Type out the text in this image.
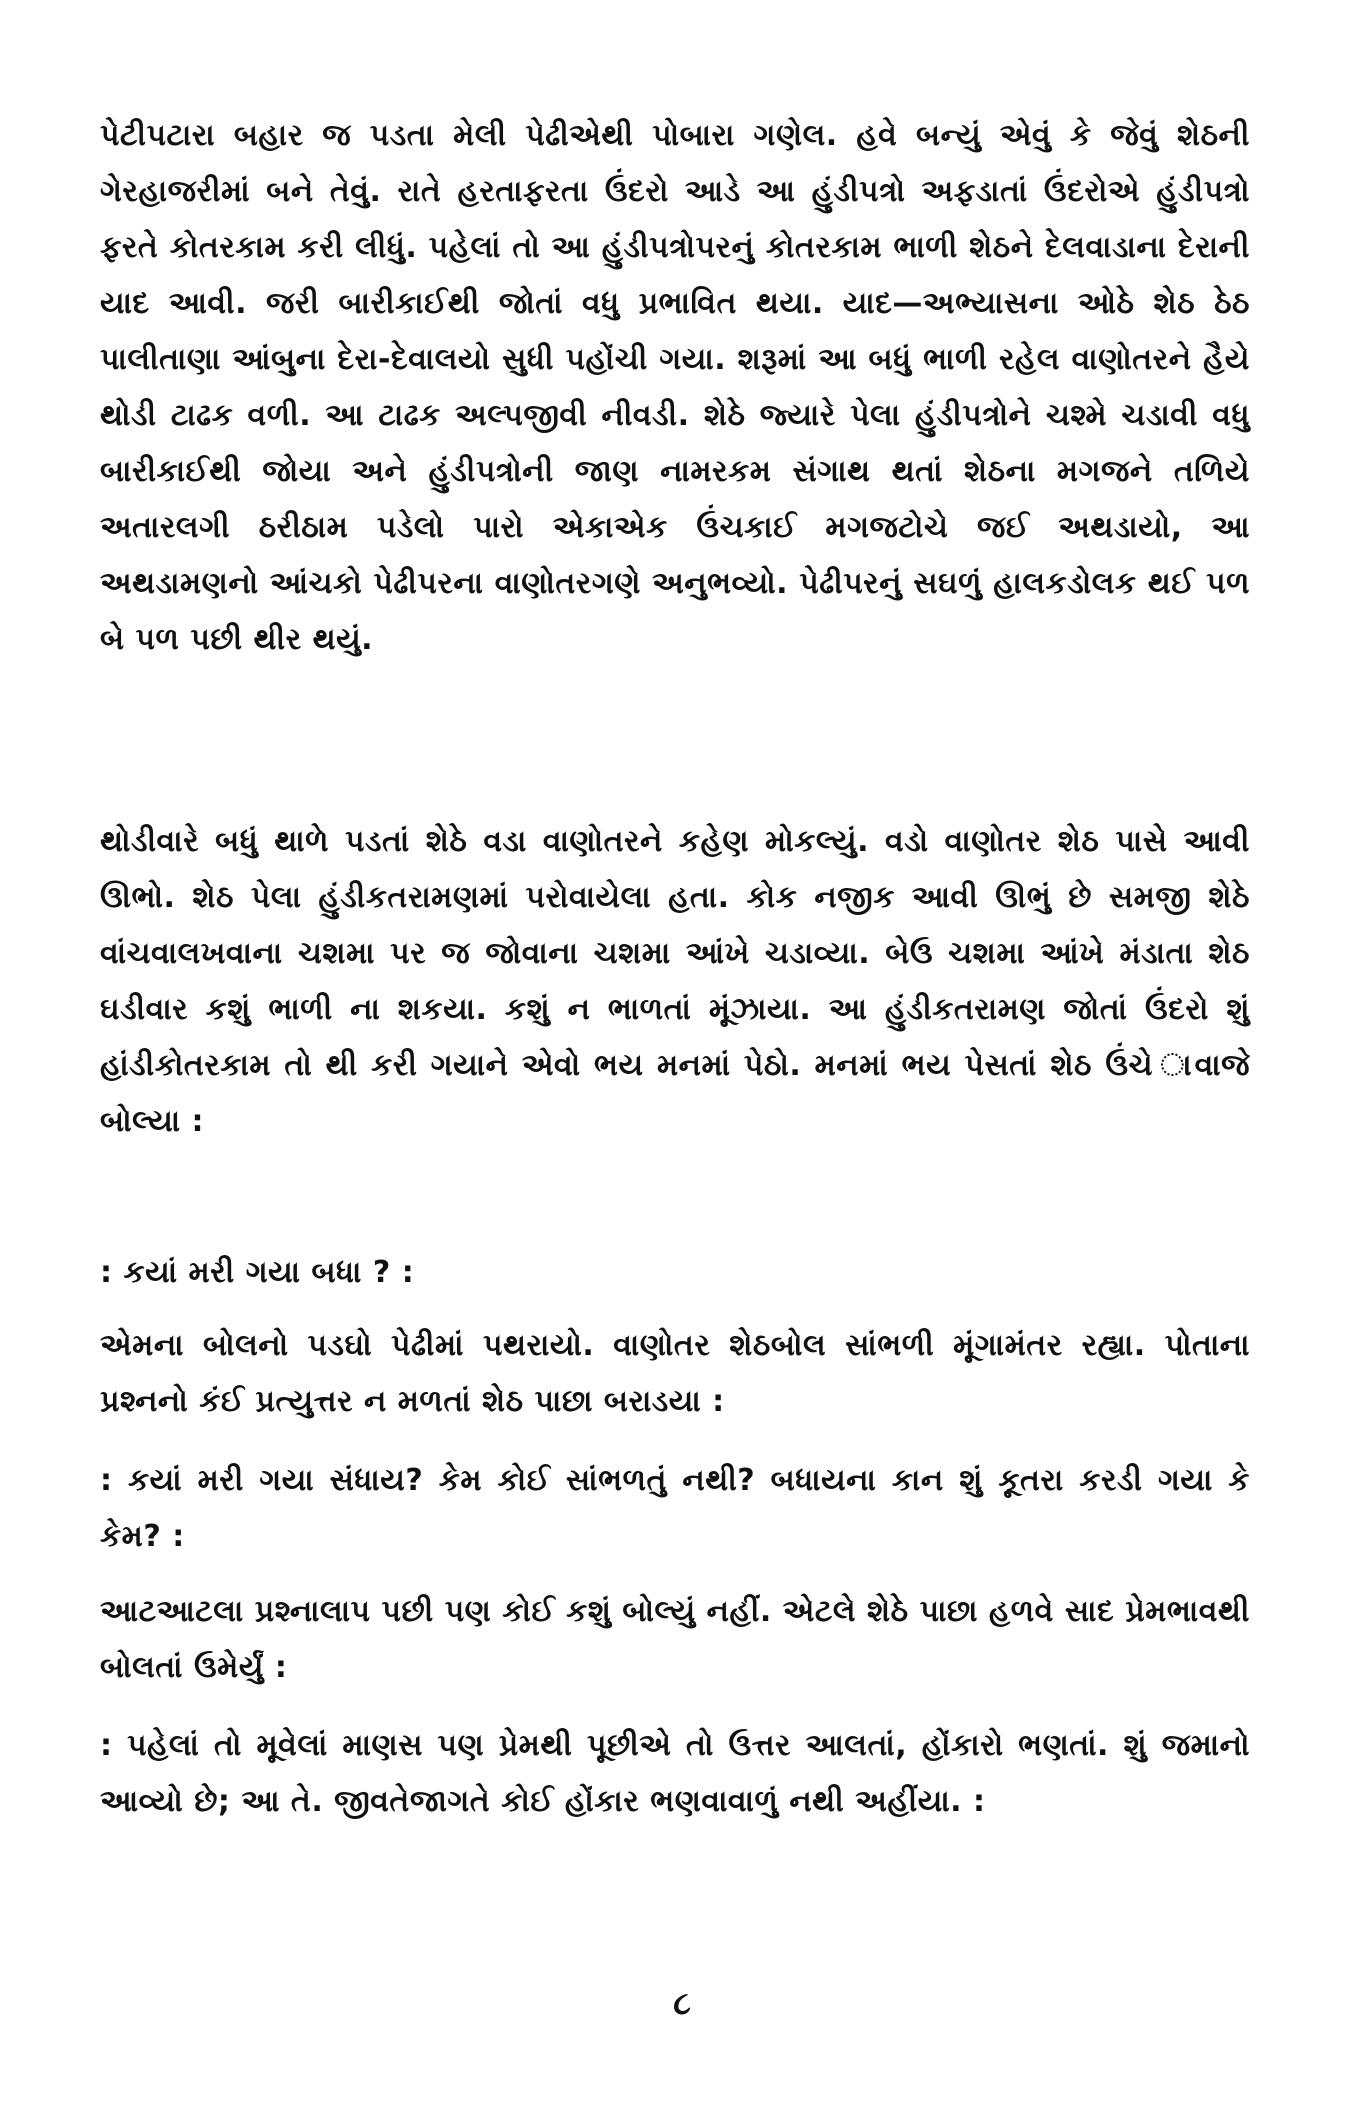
પેટીપટારા બહાર જ પડતા મેલી પેઢીએથી પોબારા ગણેલ. હવે બન્યું એવું કે જેવું શેઠની ગેરહાજરીમાં બને તેવું. રાતે હરતાફરતા ઉંદરો આડે આ હુંડીપત્રો અફડાતાં ઉંદરોએ હુંડીપત્રો ફરતે કોતરકામ કરી લીધું. પહેલાં તો આ હુંડીપત્રોપરનું કોતરકામ ભાળી શેઠને દેલવાડાના દેરાની યાદ આવી. જરી બારીકાઈથી જોતાં વધુ પ્રભાવિત થયા. યાદ—અભ્યાસના ઓઠે શેઠ ઠેઠ પાલીતાણા આંબુના દેરા-દેવાલયો સુધી પહોંચી ગયા. શરૂમાં આ બધું ભાળી રહેલ વાણોતરને હૈયે થોડી ટાઢક વળી. આ ટાઢક અલ્પજીવી નીવડી. શેઠે જ્યારે પેલા હુંડીપત્રોને ચશ્મે ચડાવી વધુ બારીકાઈથી જોયા અને હુંડીપત્રોની જાણ નામરકમ સંગાથ થતાં શેઠના મગજને તળિયે અતારલગી ઠરીઠામ પડેલો પારો એકાએક ઉંચકાઈ મગજટોચે જઈ અથડાયો, આ અથડામણનો આંચકો પેઢીપરના વાણોતરગણે અનુભવ્યો. પેઢીપરનું સઘળું હાલકડોલક થઈ પળ બે પળ પછી થીર થયું.

થોડીવારે બધું થાળે પડતાં શેઠે વડા વાણોતરને કહેણ મોકલ્યું. વડો વાણોતર શેઠ પાસે આવી ઊભો. શેઠ પેલા હુંડીકતરામણમાં પરોવાયેલા હતા. કોક નજીક આવી ઊભું છે સમજી શેઠે વાંચવાલખવાના ચશમા પર જ જોવાના ચશમા આંખે ચડાવ્યા. બેઉ ચશમા આંખે મંડાતા શેઠ ઘડીવાર કશું ભાળી ના શકયા. કશું ન ભાળતાં મૂંઝાયા. આ હુંડીકતરામણ જોતાં ઉંદરો શું હાંડીકોતરકામ તો થી કરી ગયાને એવો ભય મનમાં પેઠો. મનમાં ભય પેસતાં શેઠ ઉંચે ાવાજે બોલ્યા :

: કયાં મરી ગયા બધા ? :

એમના બોલનો પડઘો પેઢીમાં પથરાયો. વાણોતર શેઠબોલ સાંભળી મૂંગામંતર રહ્યા. પોતાના પ્રશ્નનો કંઈ પ્રત્યુત્તર ન મળતાં શેઠ પાછા બરાડયા :

: કયાં મરી ગયા સંધાય? કેમ કોઈ સાંભળતું નથી? બધાયના કાન શું કૂતરા કરડી ગયા કે કેમ? :

આટઆટલા પ્રશ્નાલાપ પછી પણ કોઈ કશું બોલ્યું નહીં. એટલે શેઠે પાછા હળવે સાદ પ્રેમભાવથી બોલતાં ઉમેર્યું :

: પહેલાં તો મૂવેલાં માણસ પણ પ્રેમથી પૂછીએ તો ઉત્તર આલતાં, હોંકારો ભણતાં. શું જમાનો આવ્યો છે; આ તે. જીવતેજાગતે કોઈ હોંકાર ભણવાવાળું નથી અહીંયા. :

૮
